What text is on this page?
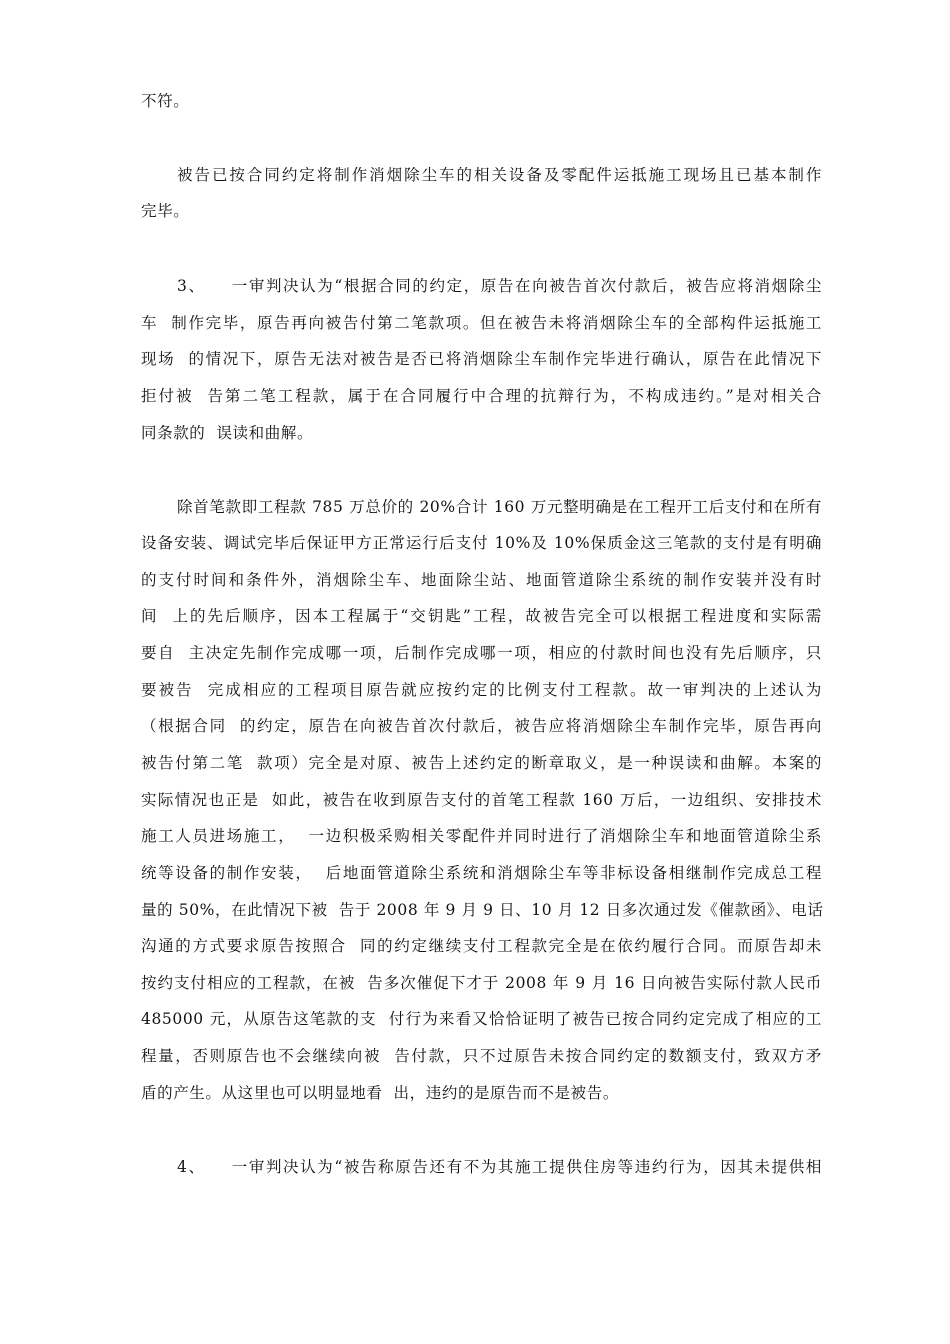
不符。
被告已按合同约定将制作消烟除尘车的相关设备及零配件运抵施工现场且已基本制作
完毕。
3、    一审判决认为“根据合同的约定，原告在向被告首次付款后，被告应将消烟除尘
车  制作完毕，原告再向被告付第二笔款项。但在被告未将消烟除尘车的全部构件运抵施工
现场  的情况下，原告无法对被告是否已将消烟除尘车制作完毕进行确认，原告在此情况下
拒付被  告第二笔工程款，属于在合同履行中合理的抗辩行为，不构成违约。”是对相关合
同条款的  误读和曲解。
除首笔款即工程款 785 万总价的 20%合计 160 万元整明确是在工程开工后支付和在所有
设备安装、调试完毕后保证甲方正常运行后支付 10%及 10%保质金这三笔款的支付是有明确
的支付时间和条件外，消烟除尘车、地面除尘站、地面管道除尘系统的制作安装并没有时
间  上的先后顺序，因本工程属于“交钥匙”工程，故被告完全可以根据工程进度和实际需
要自  主决定先制作完成哪一项，后制作完成哪一项，相应的付款时间也没有先后顺序，只
要被告  完成相应的工程项目原告就应按约定的比例支付工程款。故一审判决的上述认为
（根据合同  的约定，原告在向被告首次付款后，被告应将消烟除尘车制作完毕，原告再向
被告付第二笔  款项）完全是对原、被告上述约定的断章取义，是一种误读和曲解。本案的
实际情况也正是  如此，被告在收到原告支付的首笔工程款 160 万后，一边组织、安排技术
施工人员进场施工，  一边积极采购相关零配件并同时进行了消烟除尘车和地面管道除尘系
统等设备的制作安装，  后地面管道除尘系统和消烟除尘车等非标设备相继制作完成总工程
量的 50%，在此情况下被  告于 2008 年 9 月 9 日、10 月 12 日多次通过发《催款函》、电话
沟通的方式要求原告按照合  同的约定继续支付工程款完全是在依约履行合同。而原告却未
按约支付相应的工程款，在被  告多次催促下才于 2008 年 9 月 16 日向被告实际付款人民币
485000 元，从原告这笔款的支  付行为来看又恰恰证明了被告已按合同约定完成了相应的工
程量，否则原告也不会继续向被  告付款，只不过原告未按合同约定的数额支付，致双方矛
盾的产生。从这里也可以明显地看  出，违约的是原告而不是被告。
4、    一审判决认为“被告称原告还有不为其施工提供住房等违约行为，因其未提供相
